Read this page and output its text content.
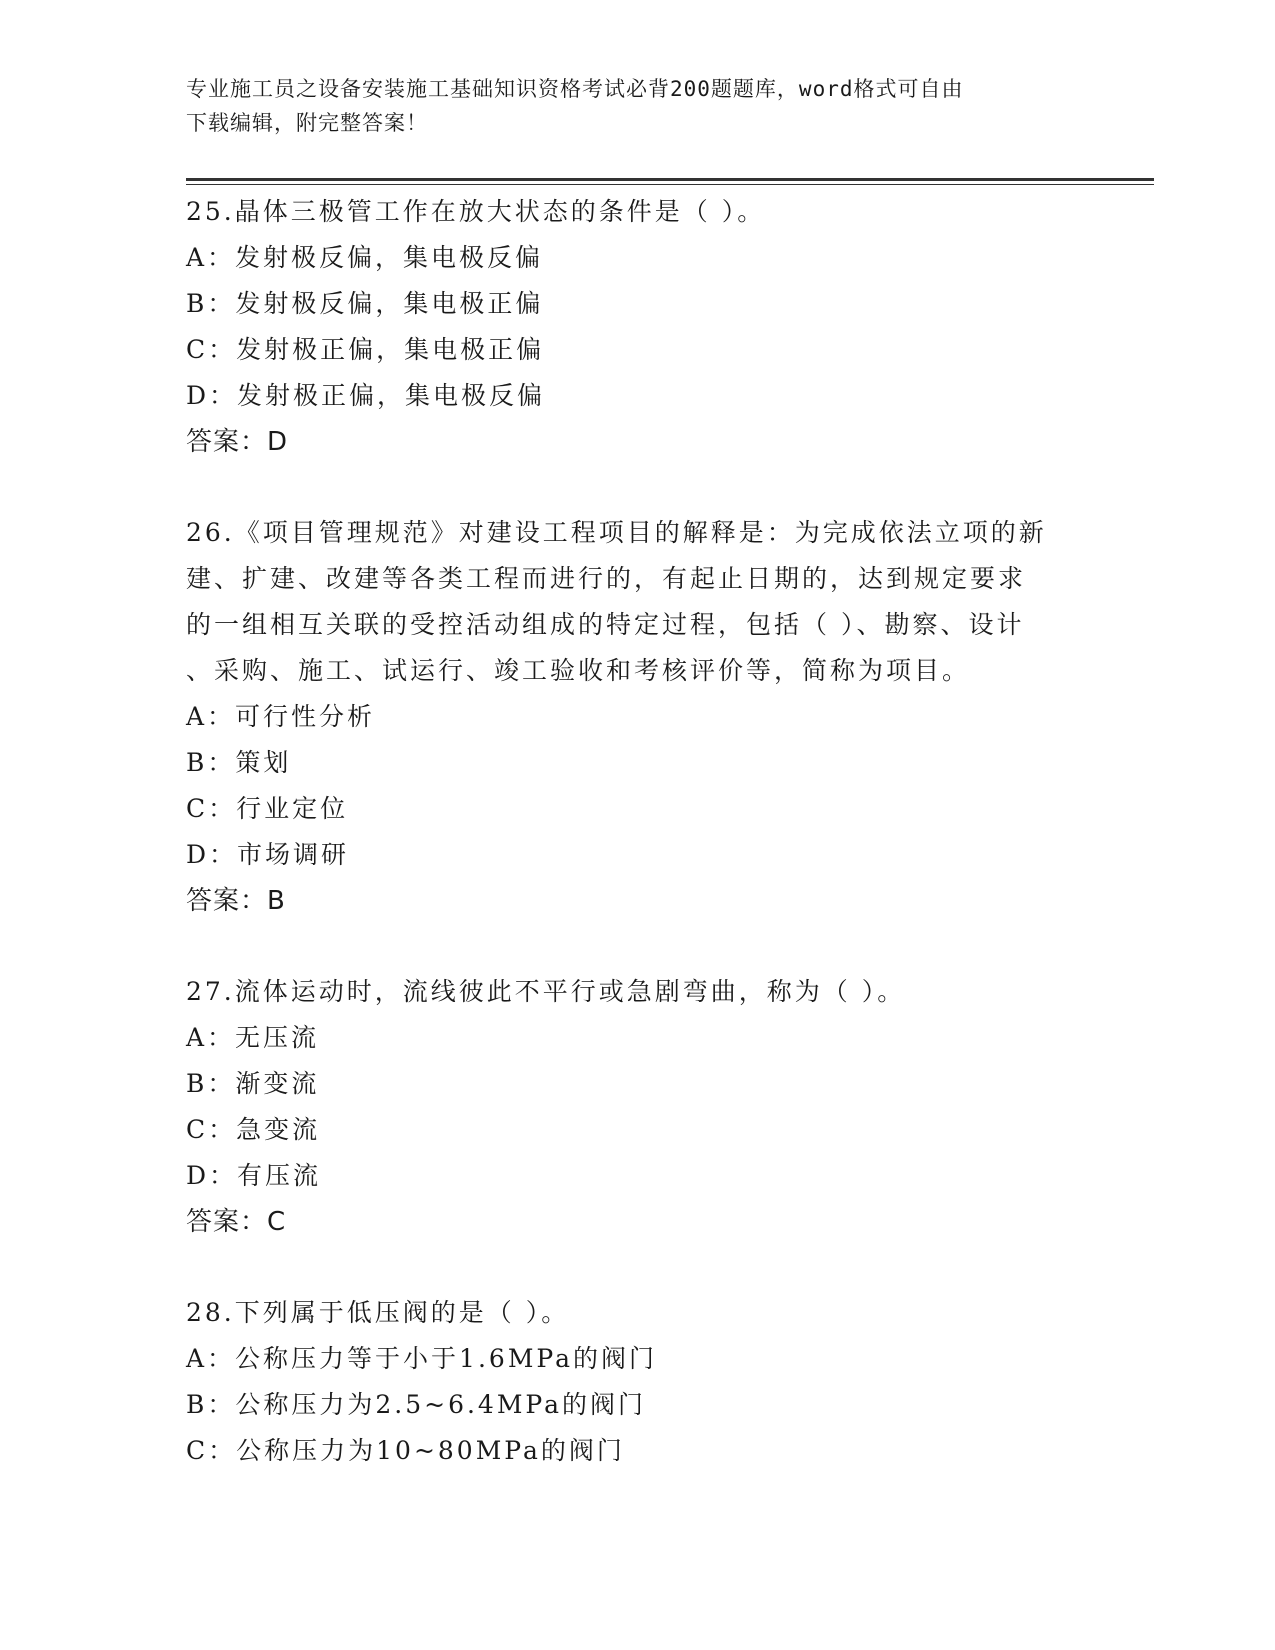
专业施工员之设备安装施工基础知识资格考试必背200题题库，word格式可自由
下载编辑，附完整答案！
25.晶体三极管工作在放大状态的条件是（ ）。
A：发射极反偏，集电极反偏
B：发射极反偏，集电极正偏
C：发射极正偏，集电极正偏
D：发射极正偏，集电极反偏
答案：D
26.《项目管理规范》对建设工程项目的解释是：为完成依法立项的新
建、扩建、改建等各类工程而进行的，有起止日期的，达到规定要求
的一组相互关联的受控活动组成的特定过程，包括（ ）、勘察、设计
、采购、施工、试运行、竣工验收和考核评价等，简称为项目。
A：可行性分析
B：策划
C：行业定位
D：市场调研
答案：B
27.流体运动时，流线彼此不平行或急剧弯曲，称为（ ）。
A：无压流
B：渐变流
C：急变流
D：有压流
答案：C
28.下列属于低压阀的是（ ）。
A：公称压力等于小于1.6MPa的阀门
B：公称压力为2.5~6.4MPa的阀门
C：公称压力为10~80MPa的阀门
